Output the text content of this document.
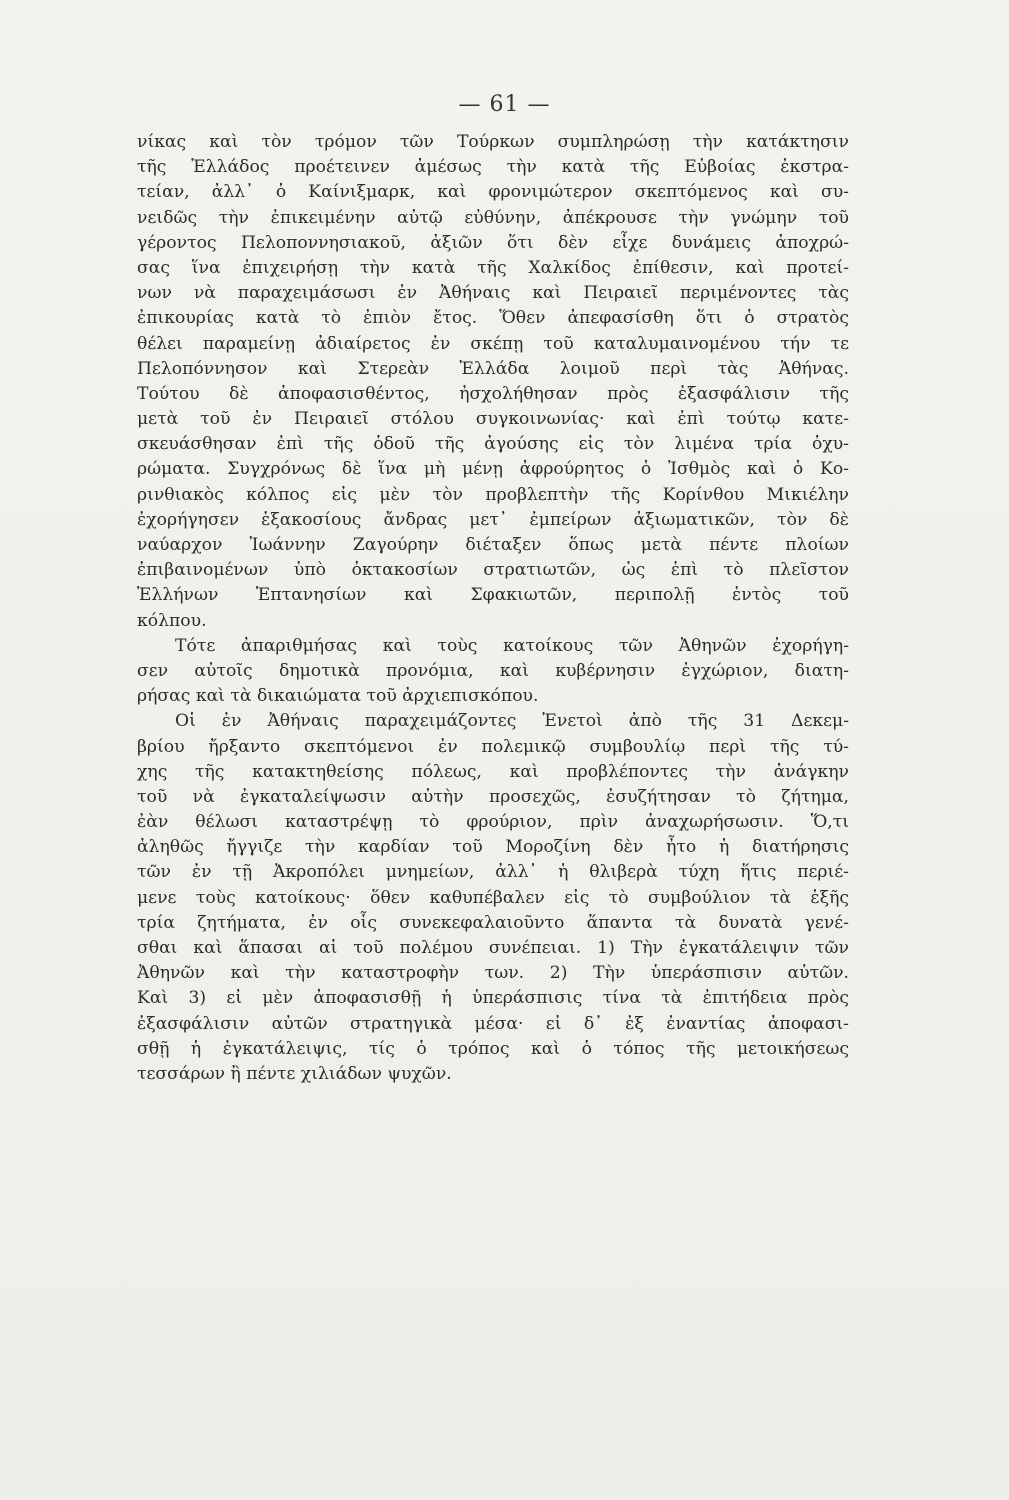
— 61 —
νίκας καὶ τὸν τρόμον τῶν Τούρκων συμπληρώσῃ τὴν κατάκτησιν
τῆς Ἑλλάδος προέτεινεν ἀμέσως τὴν κατὰ τῆς Εὐβοίας ἐκστρα-
τείαν, ἀλλ᾽ ὁ Καίνιξμαρκ, καὶ φρονιμώτερον σκεπτόμενος καὶ συ-
νειδῶς τὴν ἐπικειμένην αὐτῷ εὐθύνην, ἀπέκρουσε τὴν γνώμην τοῦ
γέροντος Πελοποννησιακοῦ, ἀξιῶν ὅτι δὲν εἶχε δυνάμεις ἀποχρώ-
σας ἵνα ἐπιχειρήσῃ τὴν κατὰ τῆς Χαλκίδος ἐπίθεσιν, καὶ προτεί-
νων νὰ παραχειμάσωσι ἐν Ἀθήναις καὶ Πειραιεῖ περιμένοντες τὰς
ἐπικουρίας κατὰ τὸ ἐπιὸν ἔτος. Ὅθεν ἀπεφασίσθη ὅτι ὁ στρατὸς
θέλει παραμείνῃ ἀδιαίρετος ἐν σκέπῃ τοῦ καταλυμαινομένου τήν τε
Πελοπόννησον καὶ Στερεὰν Ἑλλάδα λοιμοῦ περὶ τὰς Ἀθήνας.
Τούτου δὲ ἀποφασισθέντος, ἠσχολήθησαν πρὸς ἐξασφάλισιν τῆς
μετὰ τοῦ ἐν Πειραιεῖ στόλου συγκοινωνίας· καὶ ἐπὶ τούτῳ κατε-
σκευάσθησαν ἐπὶ τῆς ὁδοῦ τῆς ἀγούσης εἰς τὸν λιμένα τρία ὀχυ-
ρώματα. Συγχρόνως δὲ ἵνα μὴ μένῃ ἀφρούρητος ὁ Ἰσθμὸς καὶ ὁ Κο-
ρινθιακὸς κόλπος εἰς μὲν τὸν προβλεπτὴν τῆς Κορίνθου Μικιέλην
ἐχορήγησεν ἑξακοσίους ἄνδρας μετ᾽ ἐμπείρων ἀξιωματικῶν, τὸν δὲ
ναύαρχον Ἰωάννην Ζαγούρην διέταξεν ὅπως μετὰ πέντε πλοίων
ἐπιβαινομένων ὑπὸ ὀκτακοσίων στρατιωτῶν, ὡς ἐπὶ τὸ πλεῖστον
Ἑλλήνων Ἑπτανησίων καὶ Σφακιωτῶν, περιπολῇ ἐντὸς τοῦ
κόλπου.
Τότε ἀπαριθμήσας καὶ τοὺς κατοίκους τῶν Ἀθηνῶν ἐχορήγη-
σεν αὐτοῖς δημοτικὰ προνόμια, καὶ κυβέρνησιν ἐγχώριον, διατη-
ρήσας καὶ τὰ δικαιώματα τοῦ ἀρχιεπισκόπου.
Οἱ ἐν Ἀθήναις παραχειμάζοντες Ἐνετοὶ ἀπὸ τῆς 31 Δεκεμ-
βρίου ἤρξαντο σκεπτόμενοι ἐν πολεμικῷ συμβουλίῳ περὶ τῆς τύ-
χης τῆς κατακτηθείσης πόλεως, καὶ προβλέποντες τὴν ἀνάγκην
τοῦ νὰ ἐγκαταλείψωσιν αὐτὴν προσεχῶς, ἐσυζήτησαν τὸ ζήτημα,
ἐὰν θέλωσι καταστρέψῃ τὸ φρούριον, πρὶν ἀναχωρήσωσιν. Ὅ,τι
ἀληθῶς ἤγγιζε τὴν καρδίαν τοῦ Μοροζίνη δὲν ἦτο ἡ διατήρησις
τῶν ἐν τῇ Ἀκροπόλει μνημείων, ἀλλ᾽ ἡ θλιβερὰ τύχη ἥτις περιέ-
μενε τοὺς κατοίκους· ὅθεν καθυπέβαλεν εἰς τὸ συμβούλιον τὰ ἑξῆς
τρία ζητήματα, ἐν οἷς συνεκεφαλαιοῦντο ἅπαντα τὰ δυνατὰ γενέ-
σθαι καὶ ἅπασαι αἱ τοῦ πολέμου συνέπειαι. 1) Τὴν ἐγκατάλειψιν τῶν
Ἀθηνῶν καὶ τὴν καταστροφὴν των. 2) Τὴν ὑπεράσπισιν αὐτῶν.
Καὶ 3) εἰ μὲν ἀποφασισθῇ ἡ ὑπεράσπισις τίνα τὰ ἐπιτήδεια πρὸς
ἐξασφάλισιν αὐτῶν στρατηγικὰ μέσα· εἰ δ᾽ ἐξ ἐναντίας ἀποφασι-
σθῇ ἡ ἐγκατάλειψις, τίς ὁ τρόπος καὶ ὁ τόπος τῆς μετοικήσεως
τεσσάρων ἢ πέντε χιλιάδων ψυχῶν.
